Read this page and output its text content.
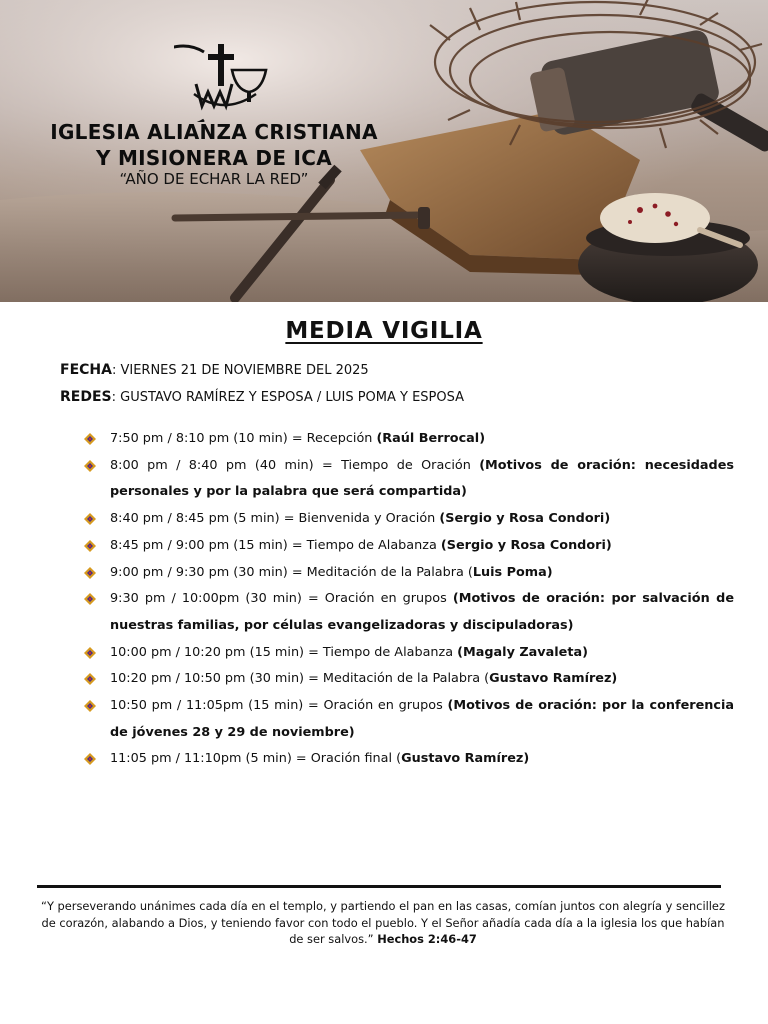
IGLESIA ALIANZA CRISTIANA
Y MISIONERA DE ICA
“AÑO DE ECHAR LA RED”
MEDIA VIGILIA
FECHA: VIERNES 21 DE NOVIEMBRE DEL 2025
REDES: GUSTAVO RAMÍREZ Y ESPOSA / LUIS POMA Y ESPOSA
7:50 pm / 8:10 pm (10 min) = Recepción (Raúl Berrocal)
8:00 pm / 8:40 pm (40 min) = Tiempo de Oración (Motivos de oración: necesidades personales y por la palabra que será compartida)
8:40 pm / 8:45 pm (5 min) = Bienvenida y Oración (Sergio y Rosa Condori)
8:45 pm / 9:00 pm (15 min) = Tiempo de Alabanza (Sergio y Rosa Condori)
9:00 pm / 9:30 pm (30 min) = Meditación de la Palabra (Luis Poma)
9:30 pm / 10:00pm (30 min) = Oración en grupos (Motivos de oración: por salvación de nuestras familias, por células evangelizadoras y discipuladoras)
10:00 pm / 10:20 pm (15 min) = Tiempo de Alabanza (Magaly Zavaleta)
10:20 pm / 10:50 pm (30 min) = Meditación de la Palabra (Gustavo Ramírez)
10:50 pm / 11:05pm (15 min) = Oración en grupos (Motivos de oración: por la conferencia de jóvenes 28 y 29 de noviembre)
11:05 pm / 11:10pm (5 min) = Oración final (Gustavo Ramírez)
“Y perseverando unánimes cada día en el templo, y partiendo el pan en las casas, comían juntos con alegría y sencillez de corazón, alabando a Dios, y teniendo favor con todo el pueblo. Y el Señor añadía cada día a la iglesia los que habían de ser salvos.” Hechos 2:46-47
